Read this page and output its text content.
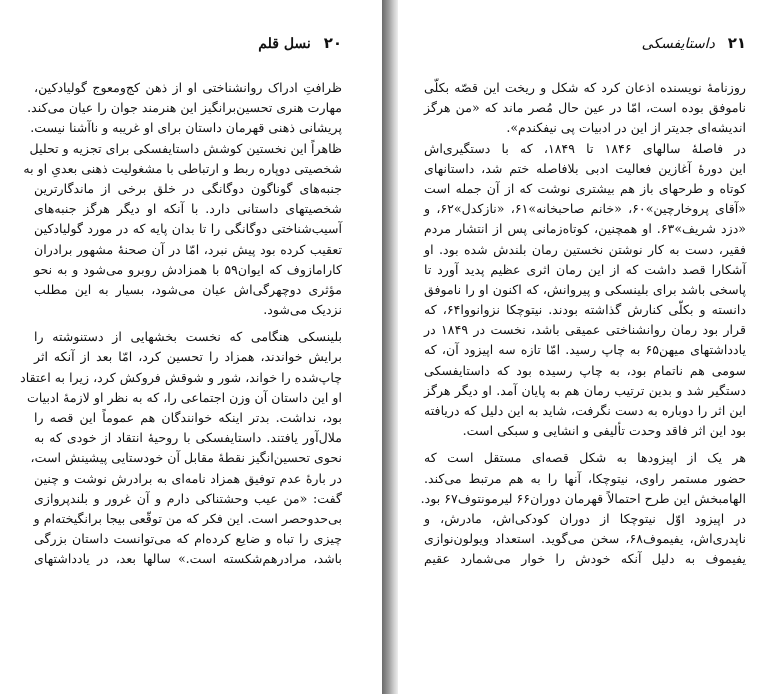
۲۰ نسل قلم
ظرافتِ ادراک روانشناختی او از ذهن کج‌ومعوج گولیادکین،
مهارت هنری تحسین‌برانگیز این هنرمند جوان را عیان می‌کند.
پریشانی ذهنی قهرمان داستان برای او غریبه و ناآشنا نیست.
ظاهراً این نخستین کوشش داستایفسکی برای تجزیه و تحلیل
شخصیتی دوپاره ربط و ارتباطی با مشغولیت ذهنی بعدیِ او به
جنبه‌های گوناگون دوگانگی در خلق برخی از ماندگارترین
شخصیتهای داستانی دارد. با آنکه او دیگر هرگز جنبه‌های
آسیب‌شناختی دوگانگی را تا بدان پایه که در مورد گولیادکین
تعقیب کرده بود پیش نبرد، امّا در آن صحنهٔ مشهور برادران
کارامازوف که ایوان۵۹ با همزادش روبرو می‌شود و به نحو
مؤثری دوچهرگی‌اش عیان می‌شود، بسیار به این مطلب
نزدیک می‌شود.
بلینسکی هنگامی که نخست بخشهایی از دستنوشته را
برایش خواندند، همزاد را تحسین کرد، امّا بعد از آنکه اثر
چاپ‌شده را خواند، شور و شوقش فروکش کرد، زیرا به اعتقاد
او این داستان آن وزن اجتماعی را، که به نظر او لازمهٔ ادبیات
بود، نداشت. بدتر اینکه خوانندگان هم عموماً این قصه را
ملال‌آور یافتند. داستایفسکی با روحیهٔ انتقاد از خودی که به
نحوی تحسین‌انگیز نقطهٔ مقابل آن خودستایی پیشینش است،
در بارهٔ عدم توفیق همزاد نامه‌ای به برادرش نوشت و چنین
گفت: «من عیب وحشتناکی دارم و آن غرور و بلندپروازی
بی‌حدوحصر است. این فکر که من توقّعی بیجا برانگیخته‌ام و
چیزی را تباه و ضایع کرده‌ام که می‌توانست داستان بزرگی
باشد، مرادرهم‌شکسته است.» سالها بعد، در یادداشتهای
۲۱ داستایفسکی
روزنامهٔ نویسنده اذعان کرد که شکل و ریخت این قصّه بکلّی
ناموفق بوده است، امّا در عین حال مُصر ماند که «من هرگز
اندیشه‌ای جدیتر از این در ادبیات پی نیفکندم».
در فاصلهٔ سالهای ۱۸۴۶ تا ۱۸۴۹، که با دستگیری‌اش
این دورهٔ آغازین فعالیت ادبی بلافاصله ختم شد، داستانهای
کوتاه و طرحهای باز هم بیشتری نوشت که از آن جمله است
«آقای پروخارچین»۶۰، «خانم صاحبخانه»۶۱، «نازکدل»۶۲، و
«دزد شریف»۶۳. او همچنین، کوتاه‌زمانی پس از انتشار مردم
فقیر، دست به کار نوشتن نخستین رمان بلندش شده بود. او
آشکارا قصد داشت که از این رمان اثری عظیم پدید آورد تا
پاسخی باشد برای بلینسکی و پیروانش، که اکنون او را ناموفق
دانسته و بکلّی کنارش گذاشته بودند. نیتوچکا نزوانووا۶۴، که
قرار بود رمان روانشناختی عمیقی باشد، نخست در ۱۸۴۹ در
یادداشتهای میهن۶۵ به چاپ رسید. امّا تازه سه اپیزود آن، که
سومی هم ناتمام بود، به چاپ رسیده بود که داستایفسکی
دستگیر شد و بدین ترتیب رمان هم به پایان آمد. او دیگر هرگز
این اثر را دوباره به دست نگرفت، شاید به این دلیل که دریافته
بود این اثر فاقد وحدت تألیفی و انشایی و سبکی است.
هر یک از اپیزودها به شکل قصه‌ای مستقل است که
حضور مستمر راوی، نیتوچکا، آنها را به هم مرتبط می‌کند.
الهامبخش این طرح احتمالاً قهرمان دوران۶۶ لیرمونتوف۶۷ بود.
در اپیزود اوّل نیتوچکا از دوران کودکی‌اش، مادرش، و
ناپدری‌اش، یفیموف۶۸، سخن می‌گوید. استعداد ویولون‌نوازی
یفیموف به دلیل آنکه خودش را خوار می‌شمارد عقیم
